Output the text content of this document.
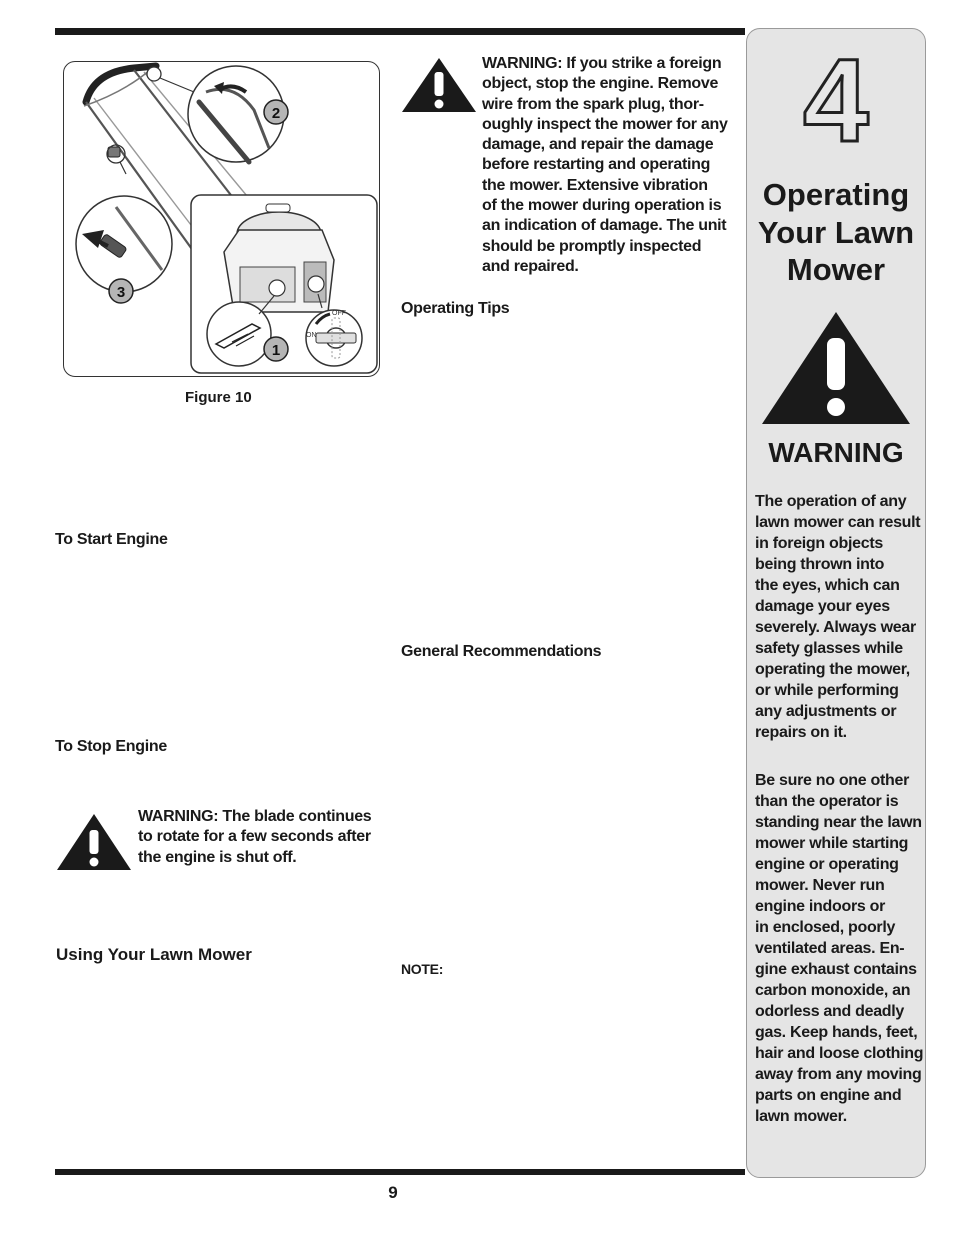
OFF
ON
2
3
1
Figure 10
To Start Engine
To Stop Engine
WARNING: The blade continues
to rotate for a few seconds after
the engine is shut off.
Using Your Lawn Mower
WARNING: If you strike a foreign
object, stop the engine. Remove
wire from the spark plug, thor-
oughly inspect the mower for any
damage, and repair the damage
before restarting and operating
the mower. Extensive vibration
of the mower during operation is
an indication of damage. The unit
should be promptly inspected
and repaired.
Operating Tips
General Recommendations
NOTE:
4
Operating
Your Lawn
Mower
WARNING
The operation of any
lawn mower can result
in foreign objects
being thrown into
the eyes, which can
damage your eyes
severely. Always wear
safety glasses while
operating the mower,
or while performing
any adjustments or
repairs on it.
Be sure no one other
than the operator is
standing near the lawn
mower while starting
engine or operating
mower. Never run
engine indoors or
in enclosed, poorly
ventilated areas. En-
gine exhaust contains
carbon monoxide, an
odorless and deadly
gas. Keep hands, feet,
hair and loose clothing
away from any moving
parts on engine and
lawn mower.
9
